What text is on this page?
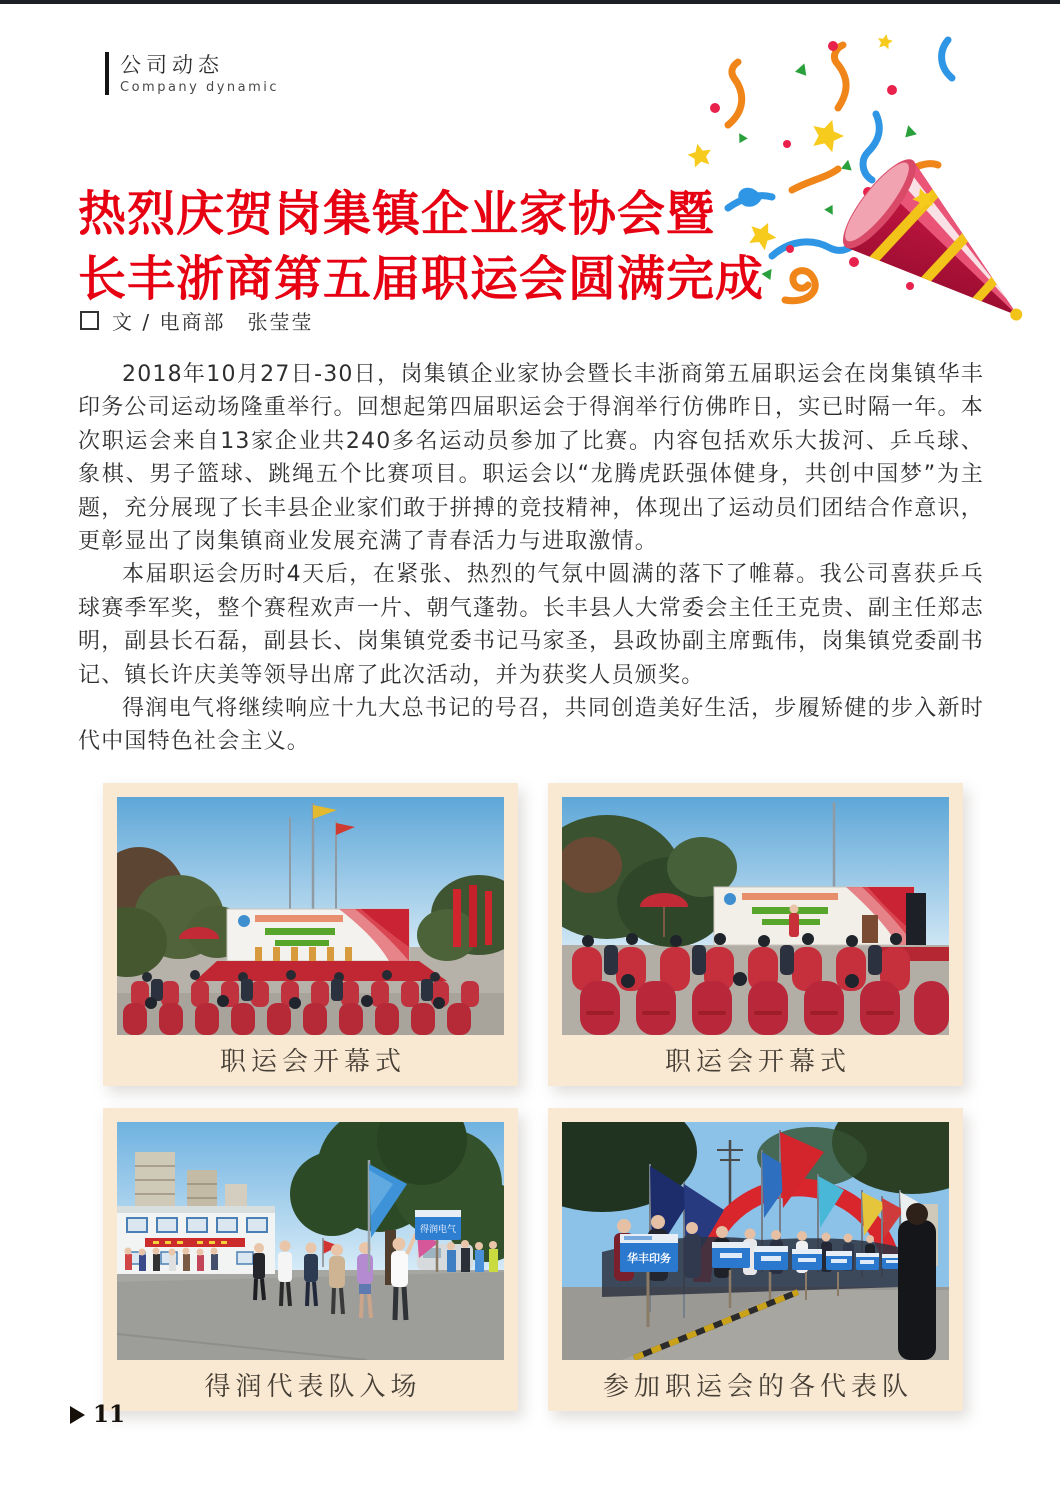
公司动态
Company dynamic
热烈庆贺岗集镇企业家协会暨
长丰浙商第五届职运会圆满完成
文 / 电商部 张莹莹

2018年10月27日-30日，岗集镇企业家协会暨长丰浙商第五届职运会在岗集镇华丰印务公司运动场隆重举行。回想起第四届职运会于得润举行仿佛昨日，实已时隔一年。本次职运会来自13家企业共240多名运动员参加了比赛。内容包括欢乐大拔河、乒乓球、象棋、男子篮球、跳绳五个比赛项目。职运会以“龙腾虎跃强体健身，共创中国梦”为主题，充分展现了长丰县企业家们敢于拼搏的竞技精神，体现出了运动员们团结合作意识，更彰显出了岗集镇商业发展充满了青春活力与进取激情。

本届职运会历时4天后，在紧张、热烈的气氛中圆满的落下了帷幕。我公司喜获乒乓球赛季军奖，整个赛程欢声一片、朝气蓬勃。长丰县人大常委会主任王克贵、副主任郑志明，副县长石磊，副县长、岗集镇党委书记马家圣，县政协副主席甄伟，岗集镇党委副书记、镇长许庆美等领导出席了此次活动，并为获奖人员颁奖。

得润电气将继续响应十九大总书记的号召，共同创造美好生活，步履矫健的步入新时代中国特色社会主义。

职运会开幕式	职运会开幕式
得润电气
得润代表队入场
华丰印务
参加职运会的各代表队
11
